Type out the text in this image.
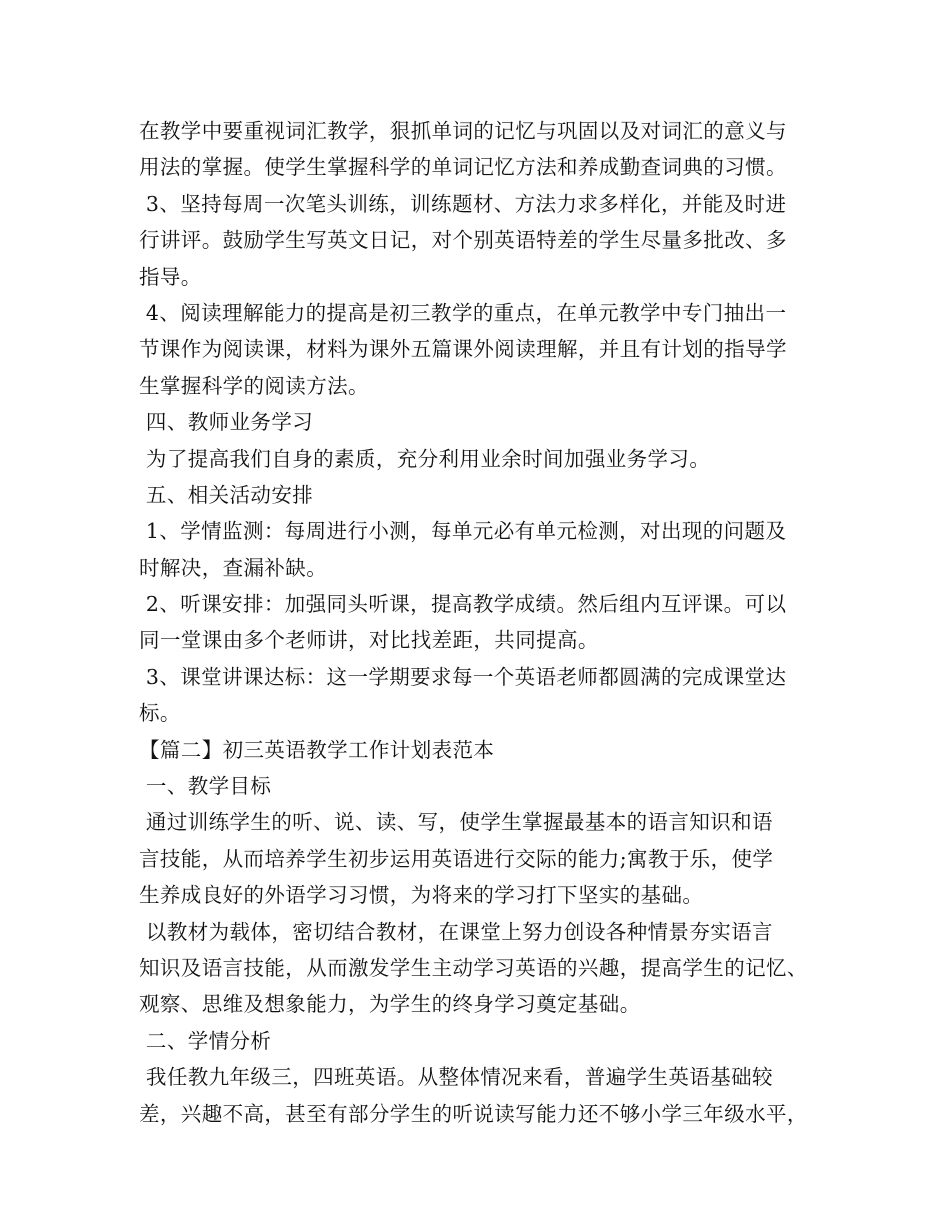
在教学中要重视词汇教学，狠抓单词的记忆与巩固以及对词汇的意义与
用法的掌握。使学生掌握科学的单词记忆方法和养成勤查词典的习惯。
3、坚持每周一次笔头训练，训练题材、方法力求多样化，并能及时进
行讲评。鼓励学生写英文日记，对个别英语特差的学生尽量多批改、多
指导。
4、阅读理解能力的提高是初三教学的重点，在单元教学中专门抽出一
节课作为阅读课，材料为课外五篇课外阅读理解，并且有计划的指导学
生掌握科学的阅读方法。
四、教师业务学习
为了提高我们自身的素质，充分利用业余时间加强业务学习。
五、相关活动安排
1、学情监测：每周进行小测，每单元必有单元检测，对出现的问题及
时解决，查漏补缺。
2、听课安排：加强同头听课，提高教学成绩。然后组内互评课。可以
同一堂课由多个老师讲，对比找差距，共同提高。
3、课堂讲课达标：这一学期要求每一个英语老师都圆满的完成课堂达
标。
【篇二】初三英语教学工作计划表范本
一、教学目标
通过训练学生的听、说、读、写，使学生掌握最基本的语言知识和语
言技能，从而培养学生初步运用英语进行交际的能力;寓教于乐，使学
生养成良好的外语学习习惯，为将来的学习打下坚实的基础。
以教材为载体，密切结合教材，在课堂上努力创设各种情景夯实语言
知识及语言技能，从而激发学生主动学习英语的兴趣，提高学生的记忆、
观察、思维及想象能力，为学生的终身学习奠定基础。
二、学情分析
我任教九年级三，四班英语。从整体情况来看，普遍学生英语基础较
差，兴趣不高，甚至有部分学生的听说读写能力还不够小学三年级水平，
